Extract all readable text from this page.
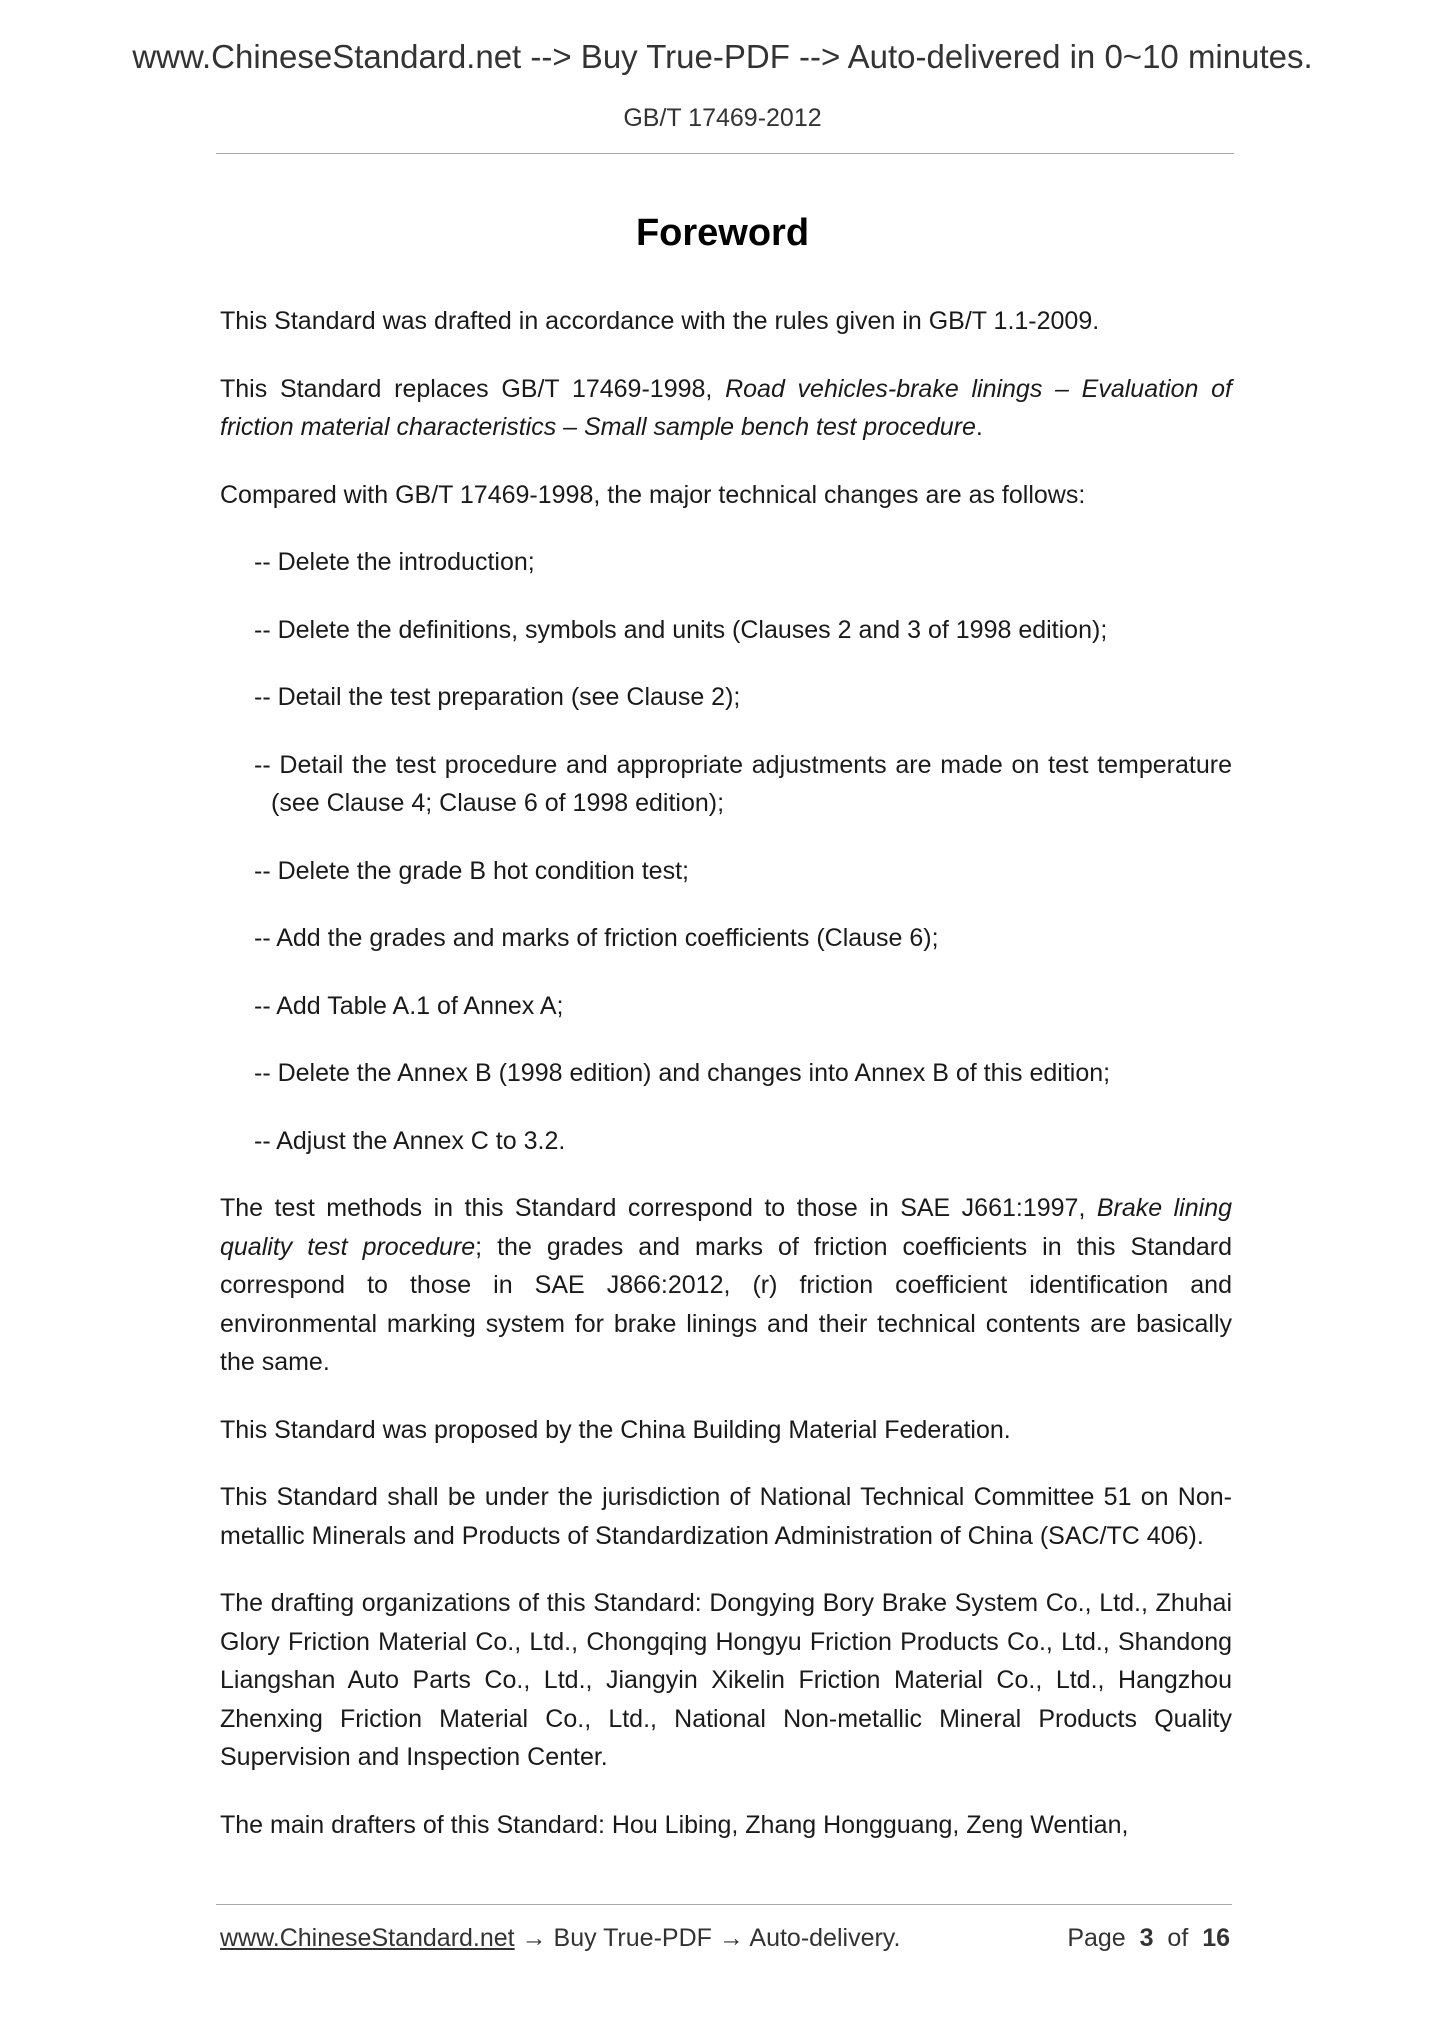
www.ChineseStandard.net --> Buy True-PDF --> Auto-delivered in 0~10 minutes.
GB/T 17469-2012
Foreword

This Standard was drafted in accordance with the rules given in GB/T 1.1-2009.

This Standard replaces GB/T 17469-1998, Road vehicles-brake linings – Evaluation of friction material characteristics – Small sample bench test procedure.

Compared with GB/T 17469-1998, the major technical changes are as follows:

-- Delete the introduction;

-- Delete the definitions, symbols and units (Clauses 2 and 3 of 1998 edition);

-- Detail the test preparation (see Clause 2);

-- Detail the test procedure and appropriate adjustments are made on test temperature (see Clause 4; Clause 6 of 1998 edition);

-- Delete the grade B hot condition test;

-- Add the grades and marks of friction coefficients (Clause 6);

-- Add Table A.1 of Annex A;

-- Delete the Annex B (1998 edition) and changes into Annex B of this edition;

-- Adjust the Annex C to 3.2.

The test methods in this Standard correspond to those in SAE J661:1997, Brake lining quality test procedure; the grades and marks of friction coefficients in this Standard correspond to those in SAE J866:2012, (r) friction coefficient identification and environmental marking system for brake linings and their technical contents are basically the same.

This Standard was proposed by the China Building Material Federation.

This Standard shall be under the jurisdiction of National Technical Committee 51 on Non-metallic Minerals and Products of Standardization Administration of China (SAC/TC 406).

The drafting organizations of this Standard: Dongying Bory Brake System Co., Ltd., Zhuhai Glory Friction Material Co., Ltd., Chongqing Hongyu Friction Products Co., Ltd., Shandong Liangshan Auto Parts Co., Ltd., Jiangyin Xikelin Friction Material Co., Ltd., Hangzhou Zhenxing Friction Material Co., Ltd., National Non-metallic Mineral Products Quality Supervision and Inspection Center.

The main drafters of this Standard: Hou Libing, Zhang Hongguang, Zeng Wentian,

www.ChineseStandard.net → Buy True-PDF → Auto-delivery.	Page 3 of 16
